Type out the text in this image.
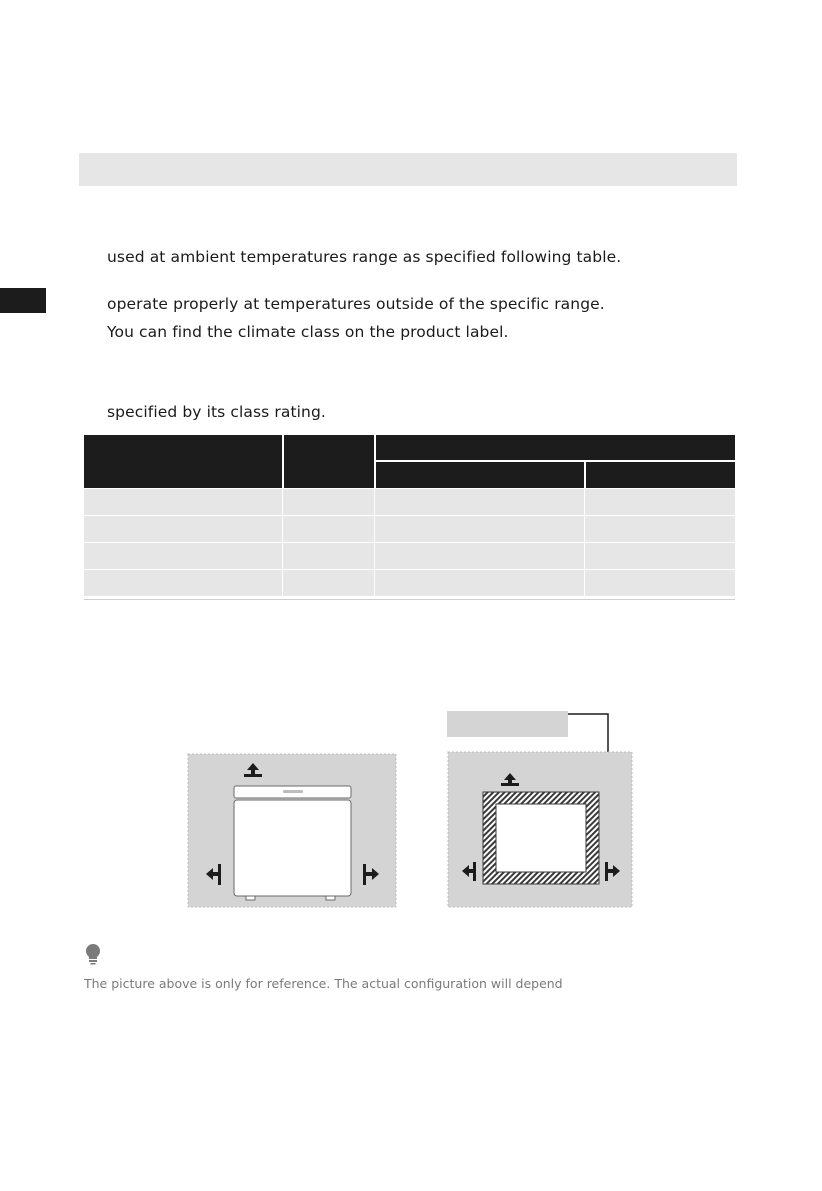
used at ambient temperatures range as specified following table.
operate properly at temperatures outside of the specific range.
You can find the climate class on the product label.
specified by its class rating.
The picture above is only for reference. The actual configuration will depend
